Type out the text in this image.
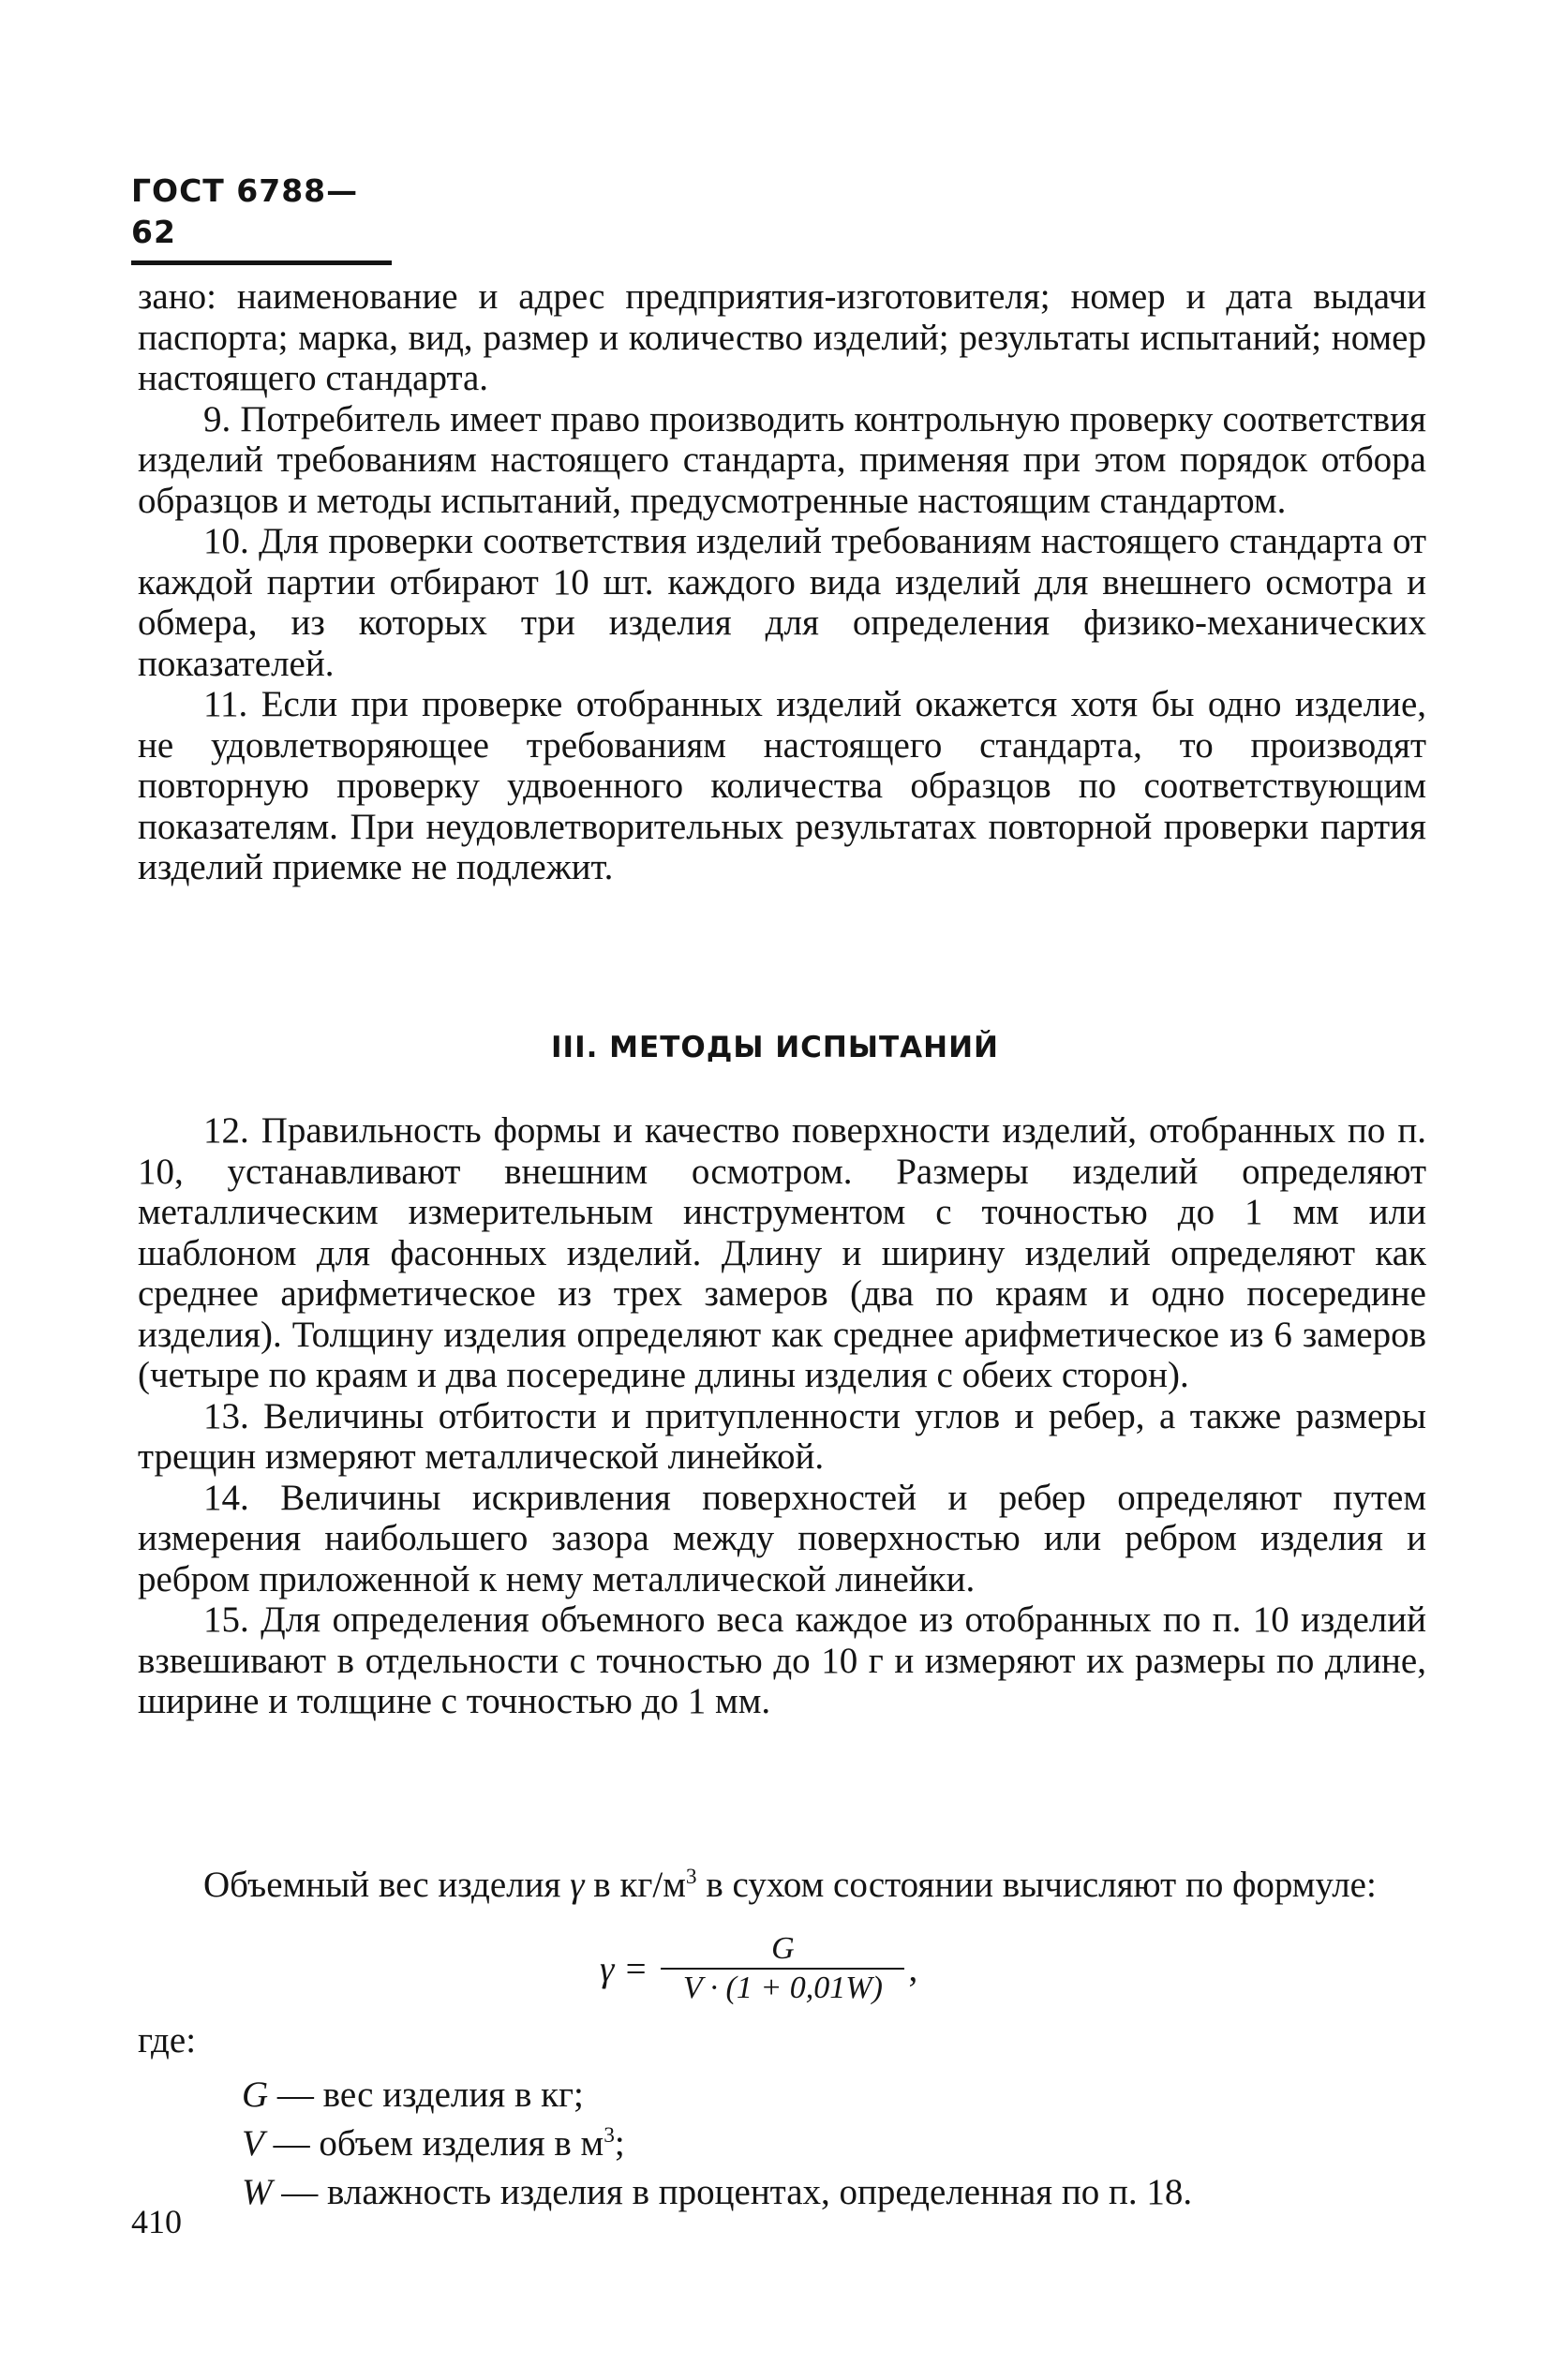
ГОСТ 6788—62

зано: наименование и адрес предприятия-изготовителя; номер и дата выдачи паспорта; марка, вид, размер и количество изделий; результаты испытаний; номер настоящего стандарта.

9. Потребитель имеет право производить контрольную проверку соответствия изделий требованиям настоящего стандарта, применяя при этом порядок отбора образцов и методы испытаний, предусмотренные настоящим стандартом.

10. Для проверки соответствия изделий требованиям настоящего стандарта от каждой партии отбирают 10 шт. каждого вида изделий для внешнего осмотра и обмера, из которых три изделия для определения физико-механических показателей.

11. Если при проверке отобранных изделий окажется хотя бы одно изделие, не удовлетворяющее требованиям настоящего стандарта, то производят повторную проверку удвоенного количества образцов по соответствующим показателям. При неудовлетворительных результатах повторной проверки партия изделий приемке не подлежит.

III. МЕТОДЫ ИСПЫТАНИЙ

12. Правильность формы и качество поверхности изделий, отобранных по п. 10, устанавливают внешним осмотром. Размеры изделий определяют металлическим измерительным инструментом с точностью до 1 мм или шаблоном для фасонных изделий. Длину и ширину изделий определяют как среднее арифметическое из трех замеров (два по краям и одно посередине изделия). Толщину изделия определяют как среднее арифметическое из 6 замеров (четыре по краям и два посередине длины изделия с обеих сторон).

13. Величины отбитости и притупленности углов и ребер, а также размеры трещин измеряют металлической линейкой.

14. Величины искривления поверхностей и ребер определяют путем измерения наибольшего зазора между поверхностью или ребром изделия и ребром приложенной к нему металлической линейки.

15. Для определения объемного веса каждое из отобранных по п. 10 изделий взвешивают в отдельности с точностью до 10 г и измеряют их размеры по длине, ширине и толщине с точностью до 1 мм.

Объемный вес изделия γ в $кг/м^3$ в сухом состоянии вычисляют по формуле:

$\gamma = \frac{G}{V \cdot (1 + 0,01W)}$ ,
где:
G — вес изделия в кг;
V — объем изделия в $м^3$;
W — влажность изделия в процентах, определенная по п. 18.
410
